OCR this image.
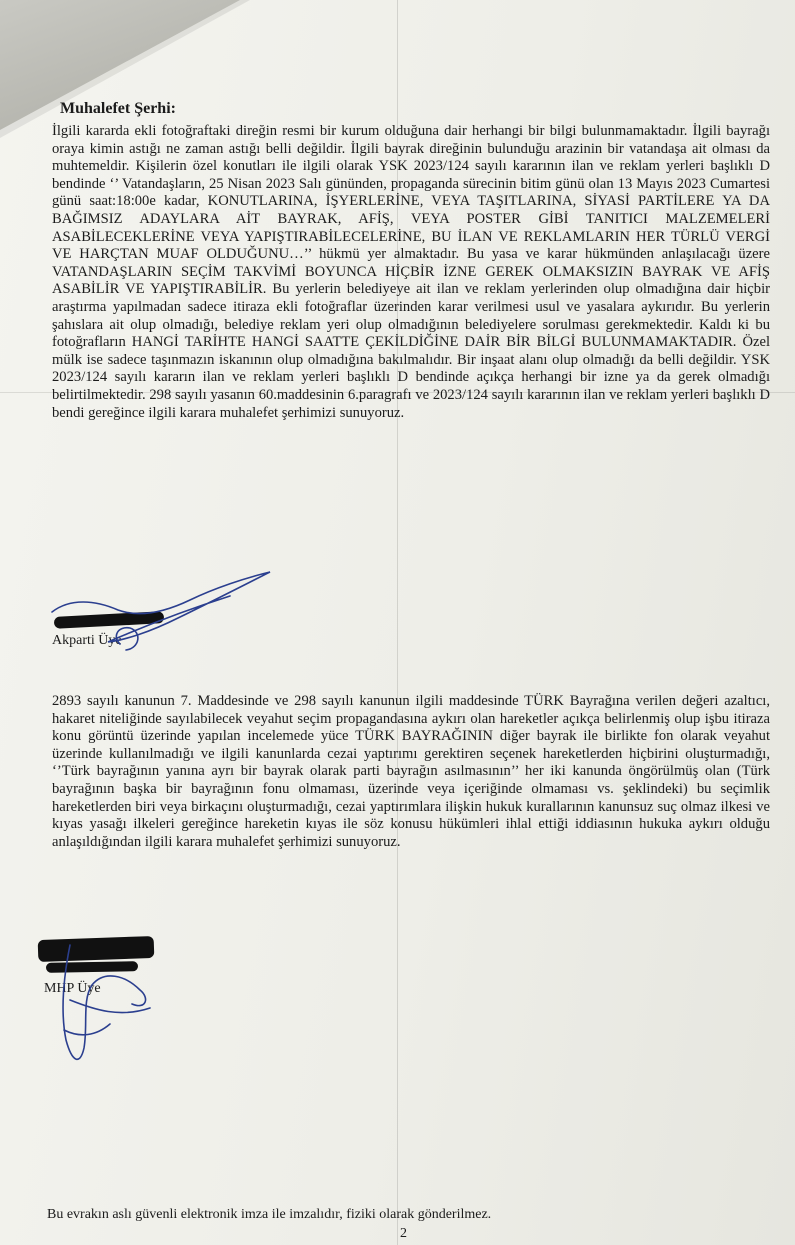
Muhalefet Şerhi:

İlgili kararda ekli fotoğraftaki direğin resmi bir kurum olduğuna dair herhangi bir bilgi bulunmamaktadır. İlgili bayrağı oraya kimin astığı ne zaman astığı belli değildir. İlgili bayrak direğinin bulunduğu arazinin bir vatandaşa ait olması da muhtemeldir. Kişilerin özel konutları ile ilgili olarak YSK 2023/124 sayılı kararının ilan ve reklam yerleri başlıklı D bendinde ‘’ Vatandaşların, 25 Nisan 2023 Salı gününden, propaganda sürecinin bitim günü olan 13 Mayıs 2023 Cumartesi günü saat:18:00e kadar, KONUTLARINA, İŞYERLERİNE, VEYA TAŞITLARINA, SİYASİ PARTİLERE YA DA BAĞIMSIZ ADAYLARA AİT BAYRAK, AFİŞ, VEYA POSTER GİBİ TANITICI MALZEMELERİ ASABİLECEKLERİNE VEYA YAPIŞTIRABİLECELERİNE, BU İLAN VE REKLAMLARIN HER TÜRLÜ VERGİ VE HARÇTAN MUAF OLDUĞUNU…’’ hükmü yer almaktadır. Bu yasa ve karar hükmünden anlaşılacağı üzere VATANDAŞLARIN SEÇİM TAKVİMİ BOYUNCA HİÇBİR İZNE GEREK OLMAKSIZIN BAYRAK VE AFİŞ ASABİLİR VE YAPIŞTIRABİLİR. Bu yerlerin belediyeye ait ilan ve reklam yerlerinden olup olmadığına dair hiçbir araştırma yapılmadan sadece itiraza ekli fotoğraflar üzerinden karar verilmesi usul ve yasalara aykırıdır. Bu yerlerin şahıslara ait olup olmadığı, belediye reklam yeri olup olmadığının belediyelere sorulması gerekmektedir. Kaldı ki bu fotoğrafların HANGİ TARİHTE HANGİ SAATTE ÇEKİLDİĞİNE DAİR BİR BİLGİ BULUNMAMAKTADIR. Özel mülk ise sadece taşınmazın iskanının olup olmadığına bakılmalıdır. Bir inşaat alanı olup olmadığı da belli değildir. YSK 2023/124 sayılı kararın ilan ve reklam yerleri başlıklı D bendinde açıkça herhangi bir izne ya da gerek olmadığı belirtilmektedir. 298 sayılı yasanın 60.maddesinin 6.paragrafı ve 2023/124 sayılı kararının ilan ve reklam yerleri başlıklı D bendi gereğince ilgili karara muhalefet şerhimizi sunuyoruz.

Akparti Üye

2893 sayılı kanunun 7. Maddesinde ve 298 sayılı kanunun ilgili maddesinde TÜRK Bayrağına verilen değeri azaltıcı, hakaret niteliğinde sayılabilecek veyahut seçim propagandasına aykırı olan hareketler açıkça belirlenmiş olup işbu itiraza konu görüntü üzerinde yapılan incelemede yüce TÜRK BAYRAĞININ diğer bayrak ile birlikte fon olarak veyahut üzerinde kullanılmadığı ve ilgili kanunlarda cezai yaptırımı gerektiren seçenek hareketlerden hiçbirini oluşturmadığı, ‘’Türk bayrağının yanına ayrı bir bayrak olarak parti bayrağın asılmasının’’ her iki kanunda öngörülmüş olan (Türk bayrağının başka bir bayrağının fonu olmaması, üzerinde veya içeriğinde olmaması vs. şeklindeki) bu seçimlik hareketlerden biri veya birkaçını oluşturmadığı, cezai yaptırımlara ilişkin hukuk kurallarının kanunsuz suç olmaz ilkesi ve kıyas yasağı ilkeleri gereğince hareketin kıyas ile söz konusu hükümleri ihlal ettiği iddiasının hukuka aykırı olduğu anlaşıldığından ilgili karara muhalefet şerhimizi sunuyoruz.

MHP Üye

Bu evrakın aslı güvenli elektronik imza ile imzalıdır, fiziki olarak gönderilmez.

2
